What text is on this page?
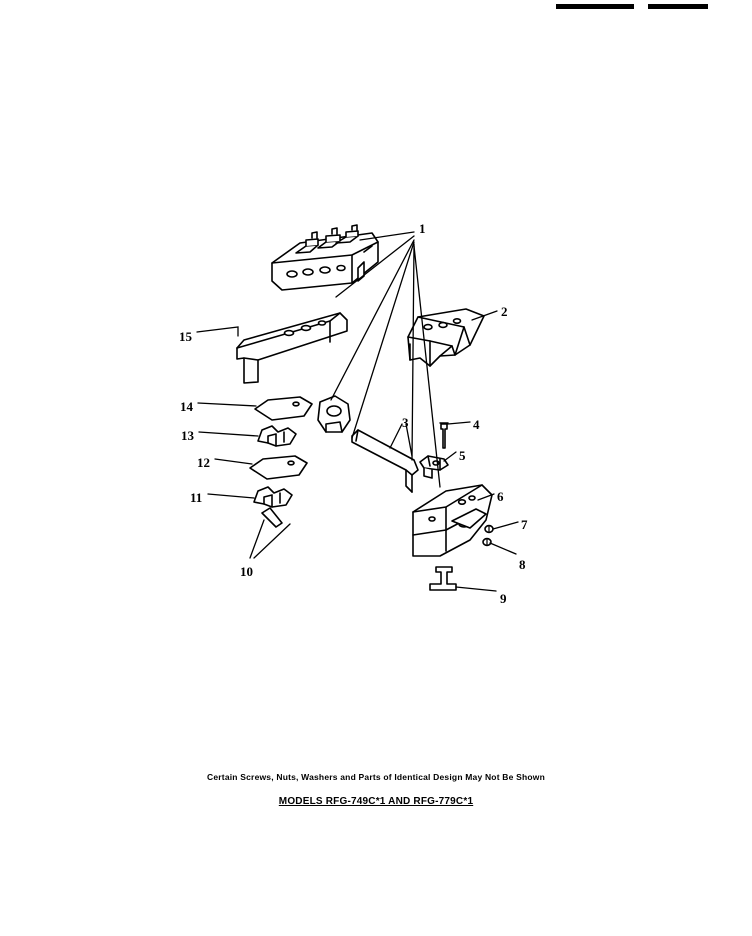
1
2
3	4
5
6
7
8
9
10
11
12
13
14
15
Certain Screws, Nuts, Washers and Parts of Identical Design May Not Be Shown
MODELS RFG-749C*1 AND RFG-779C*1
